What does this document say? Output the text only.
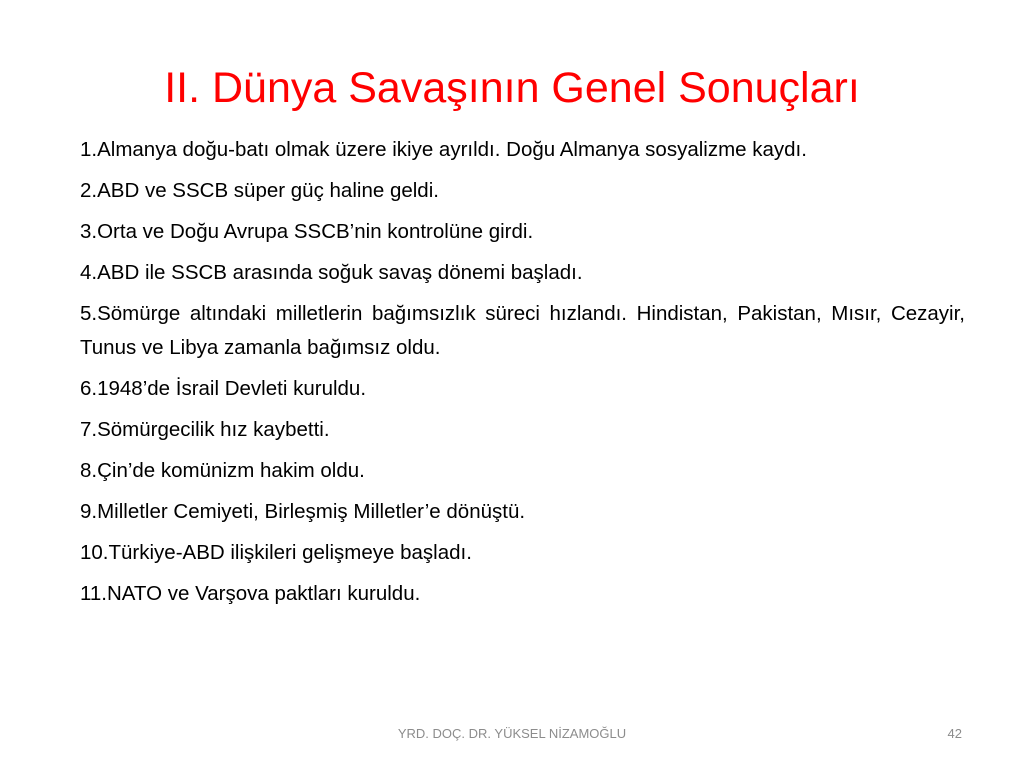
II. Dünya Savaşının Genel Sonuçları

1.Almanya doğu-batı olmak üzere ikiye ayrıldı. Doğu Almanya sosyalizme kaydı.

2.ABD ve SSCB süper güç haline geldi.

3.Orta ve Doğu Avrupa SSCB’nin kontrolüne girdi.

4.ABD ile SSCB arasında soğuk savaş dönemi başladı.

5.Sömürge altındaki milletlerin bağımsızlık süreci hızlandı. Hindistan, Pakistan, Mısır, Cezayir, Tunus ve Libya zamanla bağımsız oldu.

6.1948’de İsrail Devleti kuruldu.

7.Sömürgecilik hız kaybetti.

8.Çin’de komünizm hakim oldu.

9.Milletler Cemiyeti, Birleşmiş Milletler’e dönüştü.

10.Türkiye-ABD ilişkileri gelişmeye başladı.

11.NATO ve Varşova paktları kuruldu.

YRD. DOÇ. DR. YÜKSEL NİZAMOĞLU	42
